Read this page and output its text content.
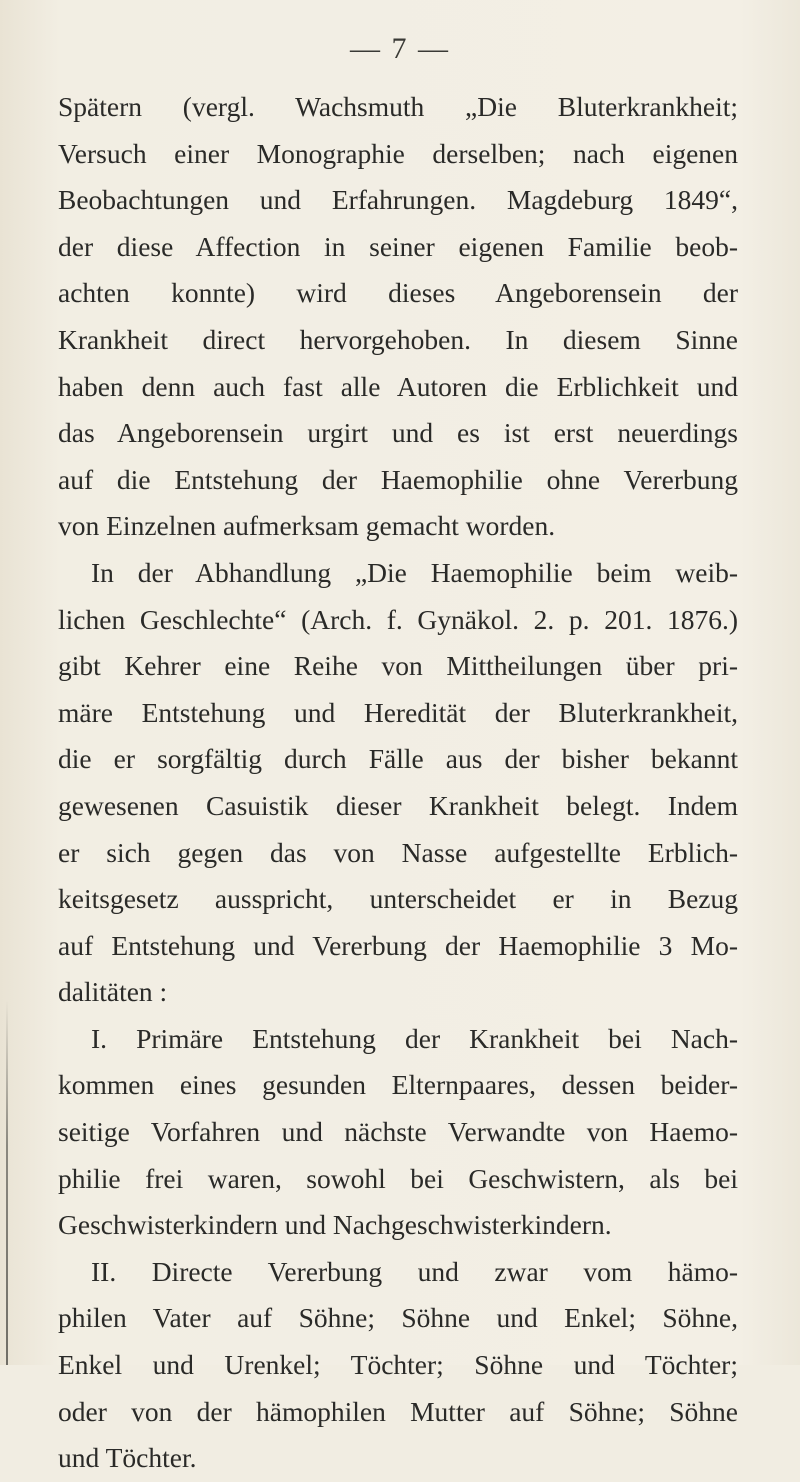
— 7 —
Spätern (vergl. Wachsmuth „Die Bluterkrankheit;
Versuch einer Monographie derselben; nach eigenen
Beobachtungen und Erfahrungen. Magdeburg 1849“,
der diese Affection in seiner eigenen Familie beob-
achten konnte) wird dieses Angeborensein der
Krankheit direct hervorgehoben. In diesem Sinne
haben denn auch fast alle Autoren die Erblichkeit und
das Angeborensein urgirt und es ist erst neuerdings
auf die Entstehung der Haemophilie ohne Vererbung
von Einzelnen aufmerksam gemacht worden.
In der Abhandlung „Die Haemophilie beim weib-
lichen Geschlechte“ (Arch. f. Gynäkol. 2. p. 201. 1876.)
gibt Kehrer eine Reihe von Mittheilungen über pri-
märe Entstehung und Heredität der Bluterkrankheit,
die er sorgfältig durch Fälle aus der bisher bekannt
gewesenen Casuistik dieser Krankheit belegt. Indem
er sich gegen das von Nasse aufgestellte Erblich-
keitsgesetz ausspricht, unterscheidet er in Bezug
auf Entstehung und Vererbung der Haemophilie 3 Mo-
dalitäten :
I. Primäre Entstehung der Krankheit bei Nach-
kommen eines gesunden Elternpaares, dessen beider-
seitige Vorfahren und nächste Verwandte von Haemo-
philie frei waren, sowohl bei Geschwistern, als bei
Geschwisterkindern und Nachgeschwisterkindern.
II. Directe Vererbung und zwar vom hämo-
philen Vater auf Söhne; Söhne und Enkel; Söhne,
Enkel und Urenkel; Töchter; Söhne und Töchter;
oder von der hämophilen Mutter auf Söhne; Söhne
und Töchter.
